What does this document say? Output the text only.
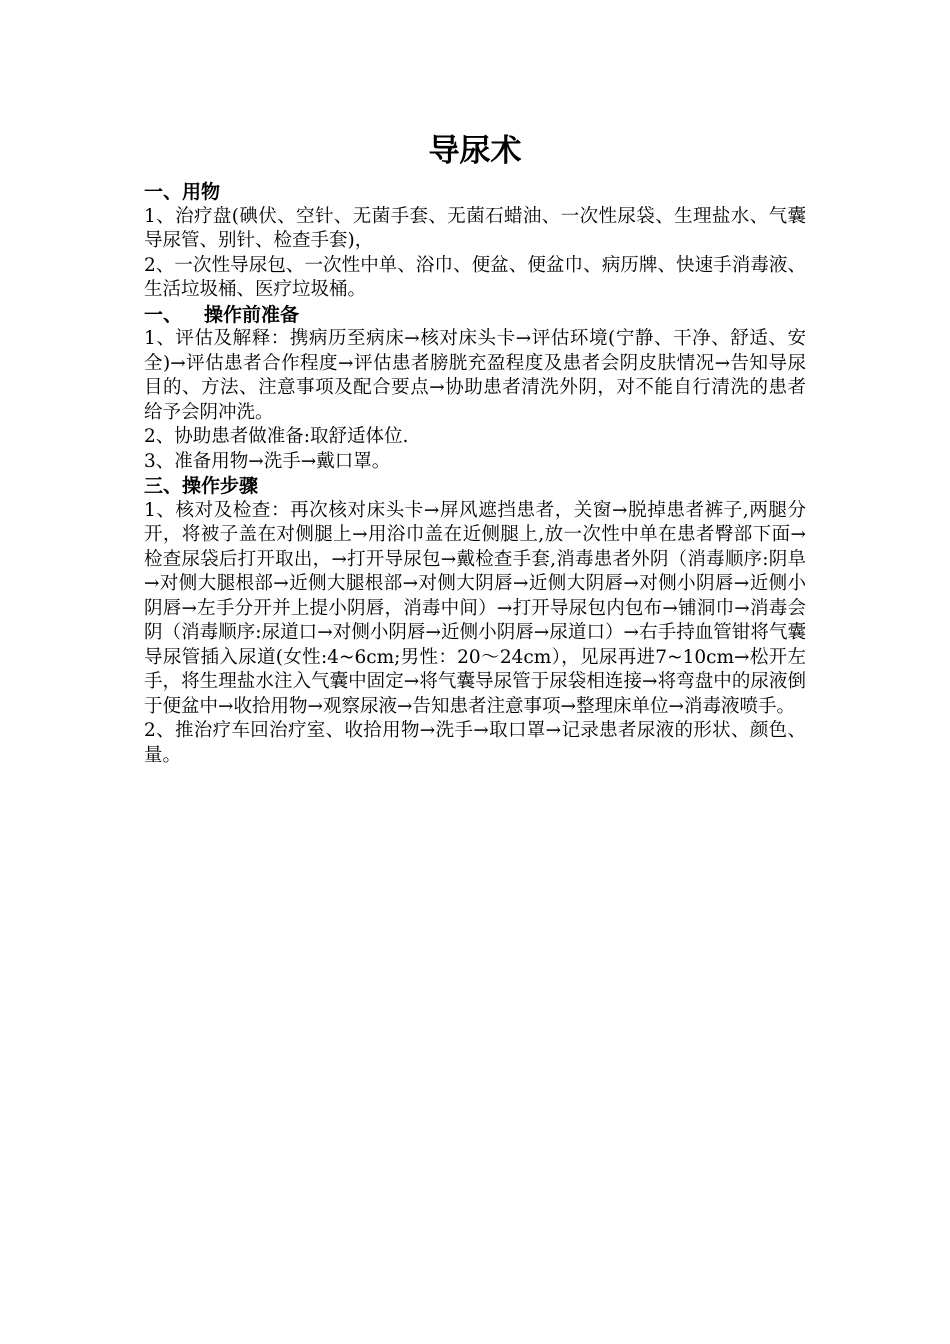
导尿术
一、用物

1、治疗盘(碘伏、空针、无菌手套、无菌石蜡油、一次性尿袋、生理盐水、气囊导尿管、别针、检查手套)，

2、一次性导尿包、一次性中单、浴巾、便盆、便盆巾、病历牌、快速手消毒液、生活垃圾桶、医疗垃圾桶。

一、 操作前准备

1、评估及解释：携病历至病床→核对床头卡→评估环境(宁静、干净、舒适、安全)→评估患者合作程度→评估患者膀胱充盈程度及患者会阴皮肤情况→告知导尿目的、方法、注意事项及配合要点→协助患者清洗外阴，对不能自行清洗的患者给予会阴冲洗。

2、协助患者做准备:取舒适体位.

3、准备用物→洗手→戴口罩。

三、操作步骤

1、核对及检查：再次核对床头卡→屏风遮挡患者，关窗→脱掉患者裤子,两腿分开，将被子盖在对侧腿上→用浴巾盖在近侧腿上,放一次性中单在患者臀部下面→检查尿袋后打开取出，→打开导尿包→戴检查手套,消毒患者外阴（消毒顺序:阴阜→对侧大腿根部→近侧大腿根部→对侧大阴唇→近侧大阴唇→对侧小阴唇→近侧小阴唇→左手分开并上提小阴唇，消毒中间）→打开导尿包内包布→铺洞巾→消毒会阴（消毒顺序:尿道口→对侧小阴唇→近侧小阴唇→尿道口）→右手持血管钳将气囊导尿管插入尿道(女性:4~6cm;男性：20～24cm），见尿再进7~10cm→松开左手，将生理盐水注入气囊中固定→将气囊导尿管于尿袋相连接→将弯盘中的尿液倒于便盆中→收拾用物→观察尿液→告知患者注意事项→整理床单位→消毒液喷手。

2、推治疗车回治疗室、收拾用物→洗手→取口罩→记录患者尿液的形状、颜色、量。
